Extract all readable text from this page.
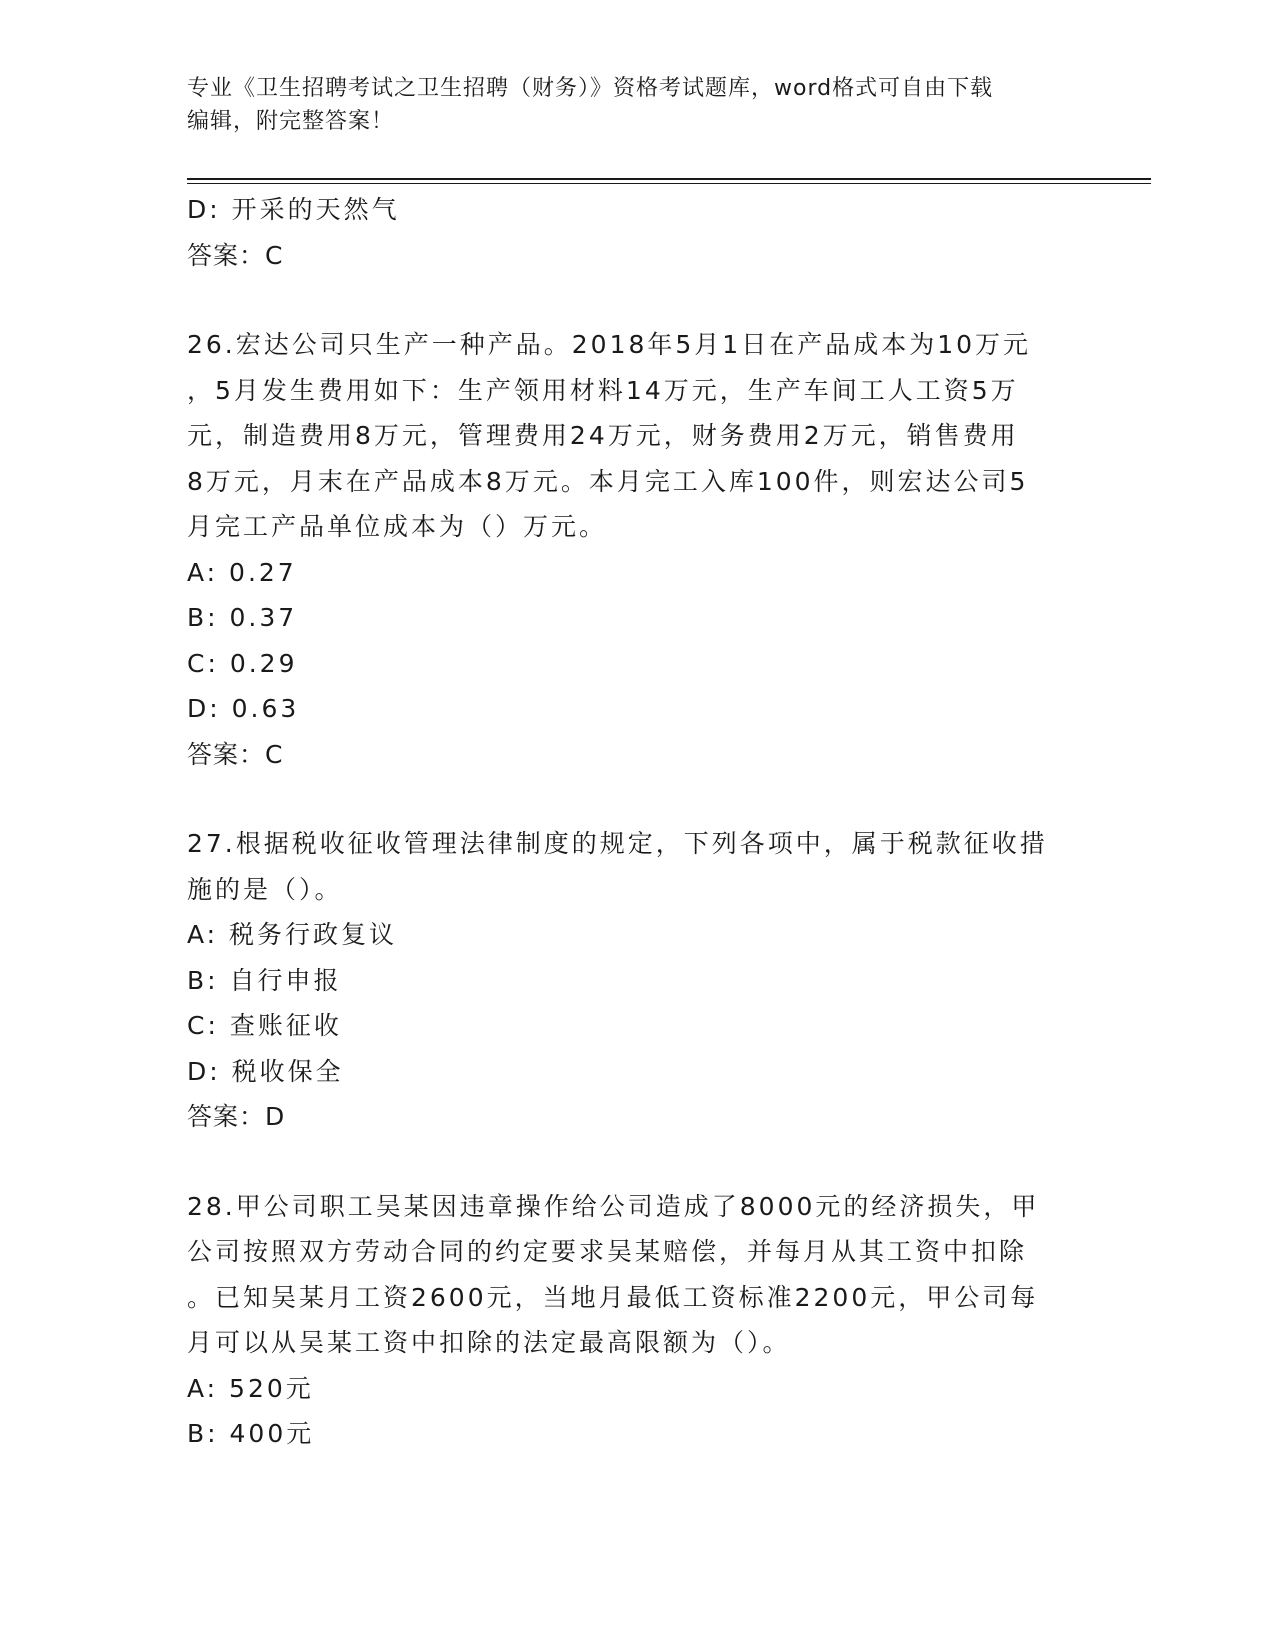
专业《卫生招聘考试之卫生招聘（财务）》资格考试题库，word格式可自由下载
编辑，附完整答案！

D: 开采的天然气

答案：C

26.宏达公司只生产一种产品。2018年5月1日在产品成本为10万元

，5月发生费用如下：生产领用材料14万元，生产车间工人工资5万

元，制造费用8万元，管理费用24万元，财务费用2万元，销售费用

8万元，月末在产品成本8万元。本月完工入库100件，则宏达公司5

月完工产品单位成本为（）万元。

A: 0.27

B: 0.37

C: 0.29

D: 0.63

答案：C

27.根据税收征收管理法律制度的规定，下列各项中，属于税款征收措

施的是（）。

A: 税务行政复议

B: 自行申报

C: 查账征收

D: 税收保全

答案：D

28.甲公司职工吴某因违章操作给公司造成了8000元的经济损失，甲

公司按照双方劳动合同的约定要求吴某赔偿，并每月从其工资中扣除

。已知吴某月工资2600元，当地月最低工资标准2200元，甲公司每

月可以从吴某工资中扣除的法定最高限额为（）。

A: 520元

B: 400元
